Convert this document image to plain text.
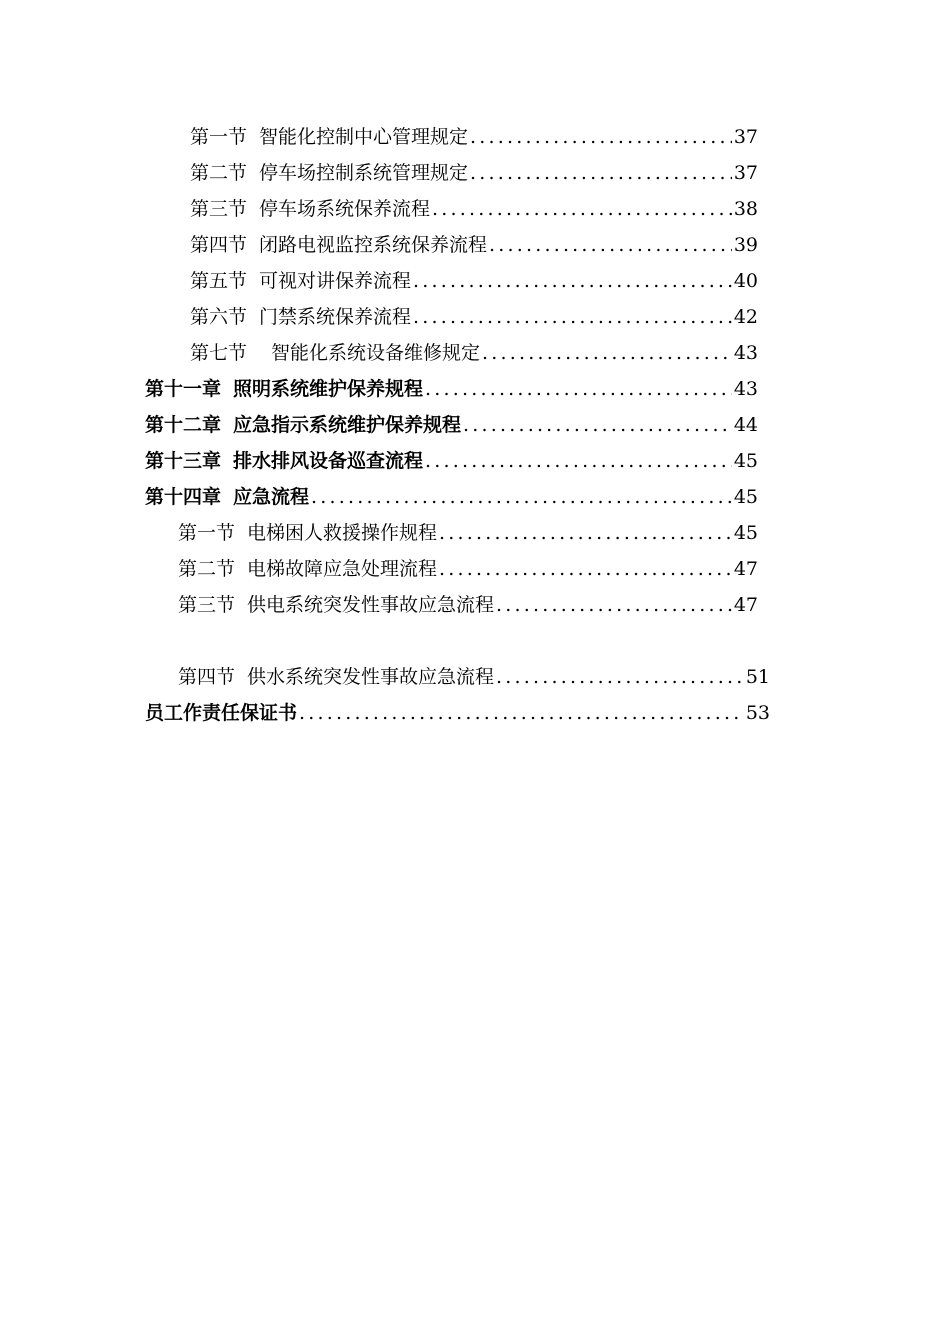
第一节 智能化控制中心管理规定 .....	37
第二节 停车场控制系统管理规定 .....	37
第三节 停车场系统保养流程 .....	38
第四节 闭路电视监控系统保养流程 .....	39
第五节 可视对讲保养流程 .....	40
第六节 门禁系统保养流程 .....	42
第七节 智能化系统设备维修规定 .....	43
第十一章 照明系统维护保养规程 .....	43
第十二章 应急指示系统维护保养规程 .....	44
第十三章 排水排风设备巡查流程 .....	45
第十四章 应急流程 .....	45
第一节 电梯困人救援操作规程 .....	45
第二节 电梯故障应急处理流程 .....	47
第三节 供电系统突发性事故应急流程 .....	47
第四节 供水系统突发性事故应急流程 .....	51
员工作责任保证书 .....	53
